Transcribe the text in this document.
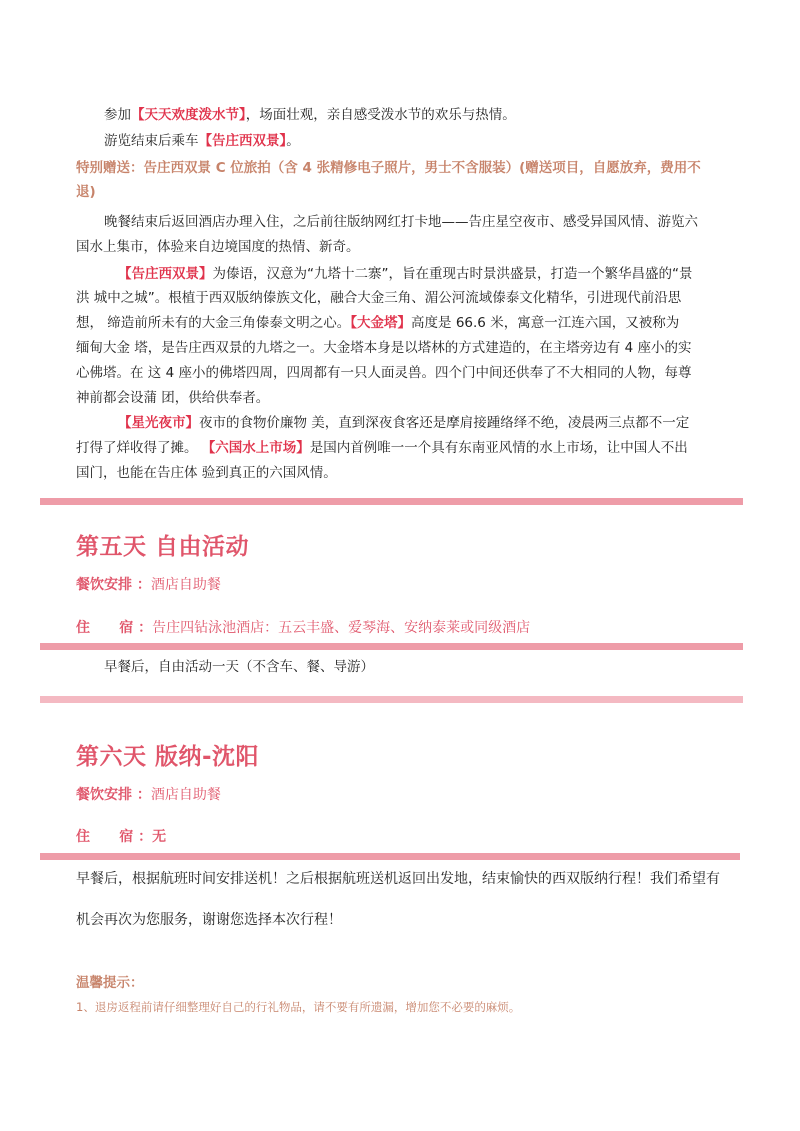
参加【天天欢度泼水节】，场面壮观，亲自感受泼水节的欢乐与热情。

游览结束后乘车【告庄西双景】。

特别赠送：告庄西双景 C 位旅拍（含 4 张精修电子照片，男士不含服装）(赠送项目，自愿放弃，费用不

退)

晚餐结束后返回酒店办理入住，之后前往版纳网红打卡地——告庄星空夜市、感受异国风情、游览六

国水上集市，体验来自边境国度的热情、新奇。

【告庄西双景】为傣语，汉意为“九塔十二寨”，旨在重现古时景洪盛景，打造一个繁华昌盛的“景

洪 城中之城”。根植于西双版纳傣族文化，融合大金三角、湄公河流域傣泰文化精华，引进现代前沿思

想， 缔造前所未有的大金三角傣泰文明之心。【大金塔】高度是 66.6 米，寓意一江连六国，又被称为

缅甸大金 塔，是告庄西双景的九塔之一。大金塔本身是以塔林的方式建造的，在主塔旁边有 4 座小的实

心佛塔。在 这 4 座小的佛塔四周，四周都有一只人面灵兽。四个门中间还供奉了不大相同的人物，每尊

神前都会设蒲 团，供给供奉者。

【星光夜市】夜市的食物价廉物 美，直到深夜食客还是摩肩接踵络绎不绝，凌晨两三点都不一定

打得了烊收得了摊。 【六国水上市场】是国内首例唯一一个具有东南亚风情的水上市场，让中国人不出

国门，也能在告庄体 验到真正的六国风情。

第五天 自由活动
餐饮安排 ：酒店自助餐
住      宿 ：告庄四钻泳池酒店：五云丰盛、爱琴海、安纳泰莱或同级酒店

早餐后，自由活动一天（不含车、餐、导游）

第六天 版纳-沈阳
餐饮安排 ：酒店自助餐
住      宿 ：无

早餐后，根据航班时间安排送机！之后根据航班送机返回出发地，结束愉快的西双版纳行程！我们希望有

机会再次为您服务，谢谢您选择本次行程！

温馨提示：
1、退房返程前请仔细整理好自己的行礼物品，请不要有所遗漏，增加您不必要的麻烦。
